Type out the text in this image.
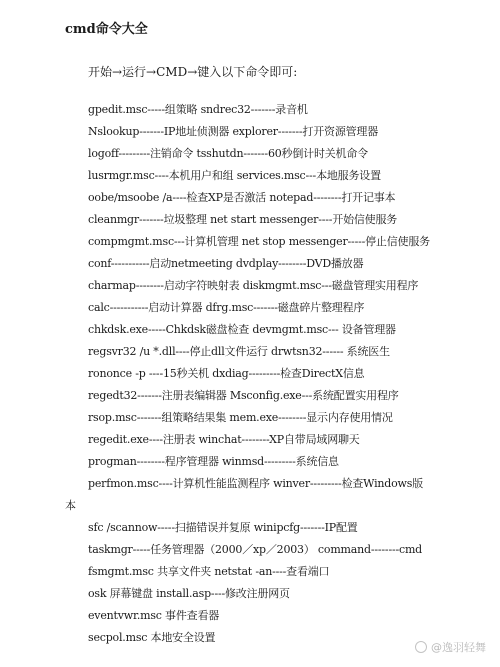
cmd命令大全
开始→运行→CMD→键入以下命令即可:
gpedit.msc-----组策略 sndrec32-------录音机
Nslookup-------IP地址侦测器 explorer-------打开资源管理器
logoff---------注销命令 tsshutdn-------60秒倒计时关机命令
lusrmgr.msc----本机用户和组 services.msc---本地服务设置
oobe/msoobe /a----检查XP是否激活 notepad--------打开记事本
cleanmgr-------垃圾整理 net start messenger----开始信使服务
compmgmt.msc---计算机管理 net stop messenger-----停止信使服务
conf-----------启动netmeeting dvdplay--------DVD播放器
charmap--------启动字符映射表 diskmgmt.msc---磁盘管理实用程序
calc-----------启动计算器 dfrg.msc-------磁盘碎片整理程序
chkdsk.exe-----Chkdsk磁盘检查 devmgmt.msc--- 设备管理器
regsvr32 /u *.dll----停止dll文件运行 drwtsn32------ 系统医生
rononce -p ----15秒关机 dxdiag---------检查DirectX信息
regedt32-------注册表编辑器 Msconfig.exe---系统配置实用程序
rsop.msc-------组策略结果集 mem.exe--------显示内存使用情况
regedit.exe----注册表 winchat--------XP自带局域网聊天
progman--------程序管理器 winmsd---------系统信息
perfmon.msc----计算机性能监测程序 winver---------检查Windows版
本
sfc /scannow-----扫描错误并复原 winipcfg-------IP配置
taskmgr-----任务管理器（2000／xp／2003） command--------cmd
fsmgmt.msc 共享文件夹 netstat -an----查看端口
osk 屏幕键盘 install.asp----修改注册网页
eventvwr.msc 事件查看器
secpol.msc 本地安全设置
@逸羽轻舞
